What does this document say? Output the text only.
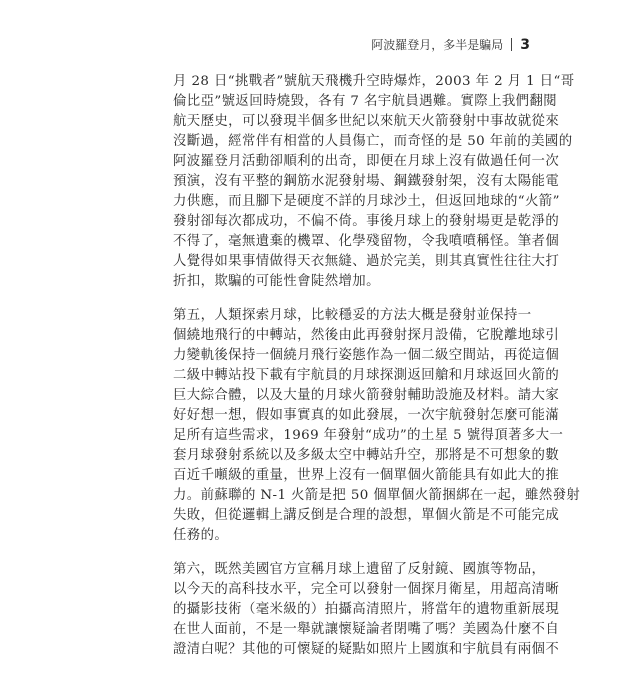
阿波羅登月，多半是騙局 3
月 28 日“挑戰者”號航天飛機升空時爆炸，2003 年 2 月 1 日“哥
倫比亞”號返回時燒毀，各有 7 名宇航員遇難。實際上我們翻閱
航天歷史，可以發現半個多世紀以來航天火箭發射中事故就從來
沒斷過，經常伴有相當的人員傷亡，而奇怪的是 50 年前的美國的
阿波羅登月活動卻順利的出奇，即便在月球上沒有做過任何一次
預演，沒有平整的鋼筋水泥發射場、鋼鐵發射架，沒有太陽能電
力供應，而且腳下是硬度不詳的月球沙土，但返回地球的“火箭”
發射卻每次都成功，不偏不倚。事後月球上的發射場更是乾淨的
不得了，毫無遺棄的機罩、化學殘留物，令我噴噴稱怪。筆者個
人覺得如果事情做得天衣無縫、過於完美，則其真實性往往大打
折扣，欺騙的可能性會陡然增加。
第五，人類探索月球，比較穩妥的方法大概是發射並保持一
個繞地飛行的中轉站，然後由此再發射探月設備，它脫離地球引
力變軌後保持一個繞月飛行姿態作為一個二級空間站，再從這個
二級中轉站投下載有宇航員的月球探測返回艙和月球返回火箭的
巨大綜合體，以及大量的月球火箭發射輔助設施及材料。請大家
好好想一想，假如事實真的如此發展，一次宇航發射怎麼可能滿
足所有這些需求，1969 年發射“成功”的土星 5 號得頂著多大一
套月球發射系統以及多級太空中轉站升空，那將是不可想象的數
百近千噸級的重量，世界上沒有一個單個火箭能具有如此大的推
力。前蘇聯的 N-1 火箭是把 50 個單個火箭捆綁在一起，雖然發射
失敗，但從邏輯上講反倒是合理的設想，單個火箭是不可能完成
任務的。
第六，既然美國官方宣稱月球上遺留了反射鏡、國旗等物品，
以今天的高科技水平，完全可以發射一個探月衛星，用超高清晰
的攝影技術（毫米級的）拍攝高清照片，將當年的遺物重新展現
在世人面前，不是一舉就讓懷疑論者閉嘴了嗎？美國為什麼不自
證清白呢？其他的可懷疑的疑點如照片上國旗和宇航員有兩個不
